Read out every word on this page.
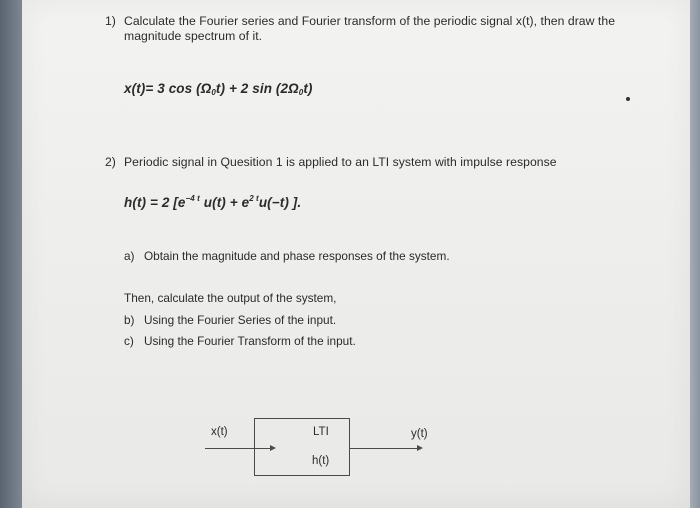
1) Calculate the Fourier series and Fourier transform of the periodic signal x(t), then draw the
magnitude spectrum of it.
x(t)= 3 $\cos (\Omega_0t) + 2$ $\sin (2\Omega_0t)$
2) Periodic signal in Quesition 1 is applied to an LTI system with impulse response
h(t) = 2 [$e^{-4 t}$ $u(t) + e^{2 t}u(-t)$ ].
a) Obtain the magnitude and phase responses of the system.
Then, calculate the output of the system,
b) Using the Fourier Series of the input.
c) Using the Fourier Transform of the input.
x(t)	LTI
h(t)
y(t)
